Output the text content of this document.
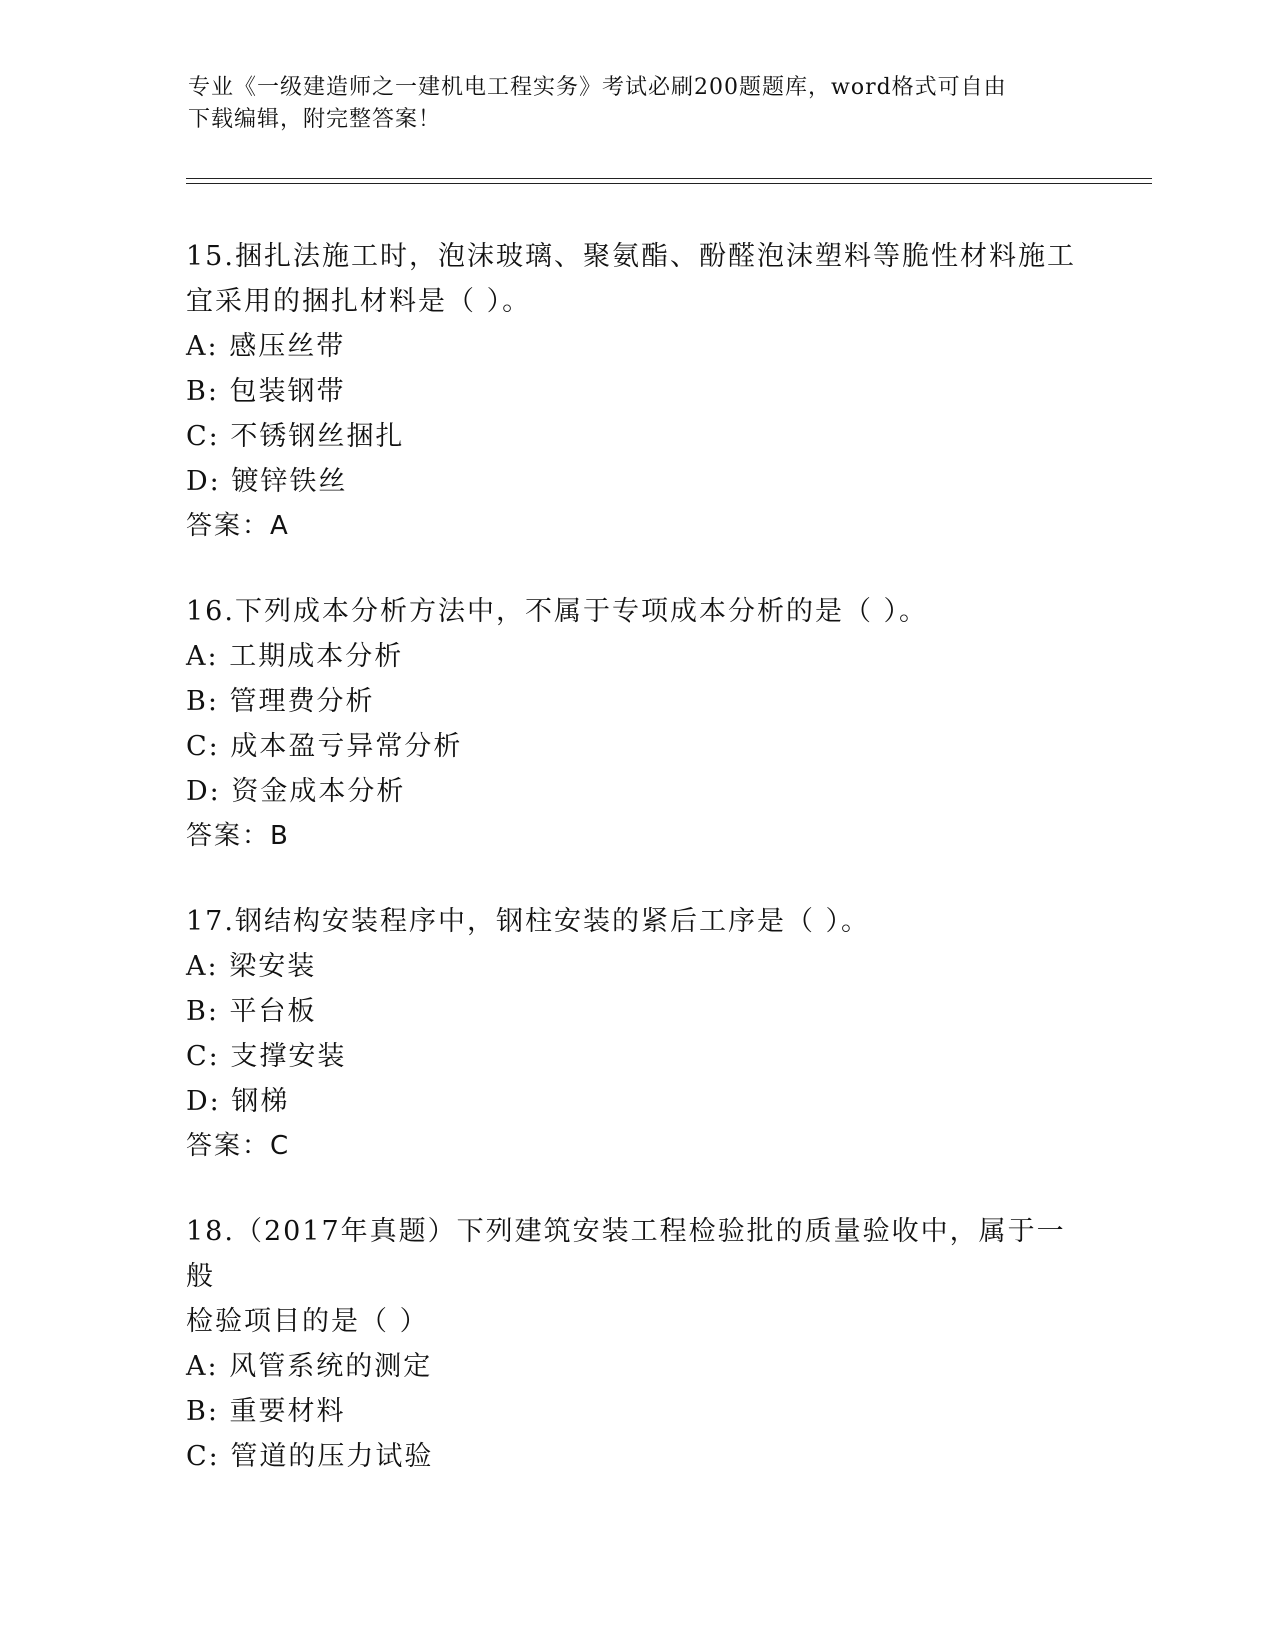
专业《一级建造师之一建机电工程实务》考试必刷200题题库，word格式可自由
下载编辑，附完整答案！

15.捆扎法施工时，泡沫玻璃、聚氨酯、酚醛泡沫塑料等脆性材料施工
宜采用的捆扎材料是（ ）。

A: 感压丝带

B: 包装钢带

C: 不锈钢丝捆扎

D: 镀锌铁丝

答案：A

16.下列成本分析方法中，不属于专项成本分析的是（ ）。

A: 工期成本分析

B: 管理费分析

C: 成本盈亏异常分析

D: 资金成本分析

答案：B

17.钢结构安装程序中，钢柱安装的紧后工序是（ ）。

A: 梁安装

B: 平台板

C: 支撑安装

D: 钢梯

答案：C

18.（2017年真题）下列建筑安装工程检验批的质量验收中，属于一般
检验项目的是（ ）

A: 风管系统的测定

B: 重要材料

C: 管道的压力试验
